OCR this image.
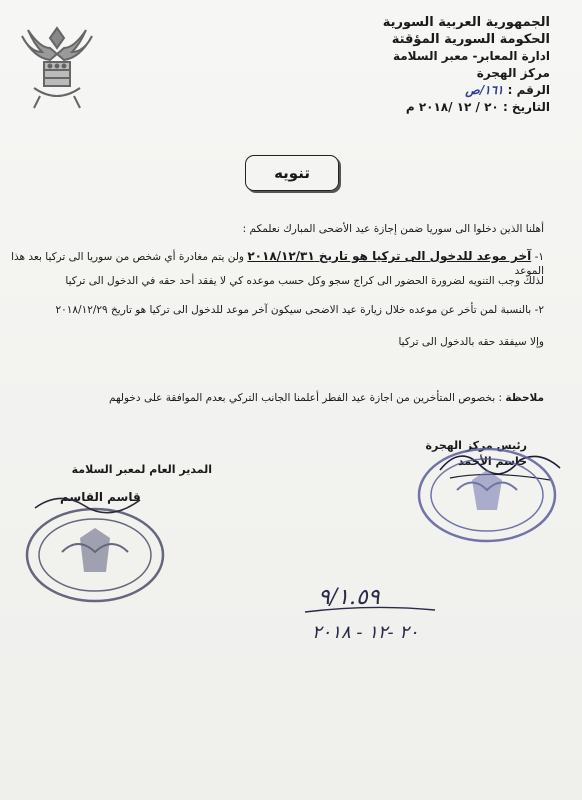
الجمهورية العربية السورية
الحكومة السورية المؤقتة
ادارة المعابر- معبر السلامة
مركز الهجرة
الرقم : ١٦١/ص
التاريخ : ٢٠ / ١٢ /٢٠١٨ م
تنويه
أهلنا الذين دخلوا الى سوريا ضمن إجازة عيد الأضحى المبارك نعلمكم :
١- آخر موعد للدخول الى تركيا هو تاريخ ٢٠١٨/١٢/٣١ ولن يتم مغادرة أي شخص من سوريا الى تركيا بعد هذا الموعد
لذلك وجب التنويه لضرورة الحضور الى كراج سجو وكل حسب موعده كي لا يفقد أحد حقه في الدخول الى تركيا
٢- بالنسبة لمن تأخر عن موعده خلال زيارة عيد الاضحى سيكون آخر موعد للدخول الى تركيا هو تاريخ ٢٠١٨/١٢/٢٩
وإلا سيفقد حقه بالدخول الى تركيا
ملاحظة : بخصوص المتأخرين من اجازة عيد الفطر أعلمنا الجانب التركي بعدم الموافقة على دخولهم
رئيس مركز الهجرة
جاسم الأحمد
المدير العام لمعبر السلامة
قاسم القاسم
٩/١.٥٩
٢٠ -١٢ - ٢٠١٨
